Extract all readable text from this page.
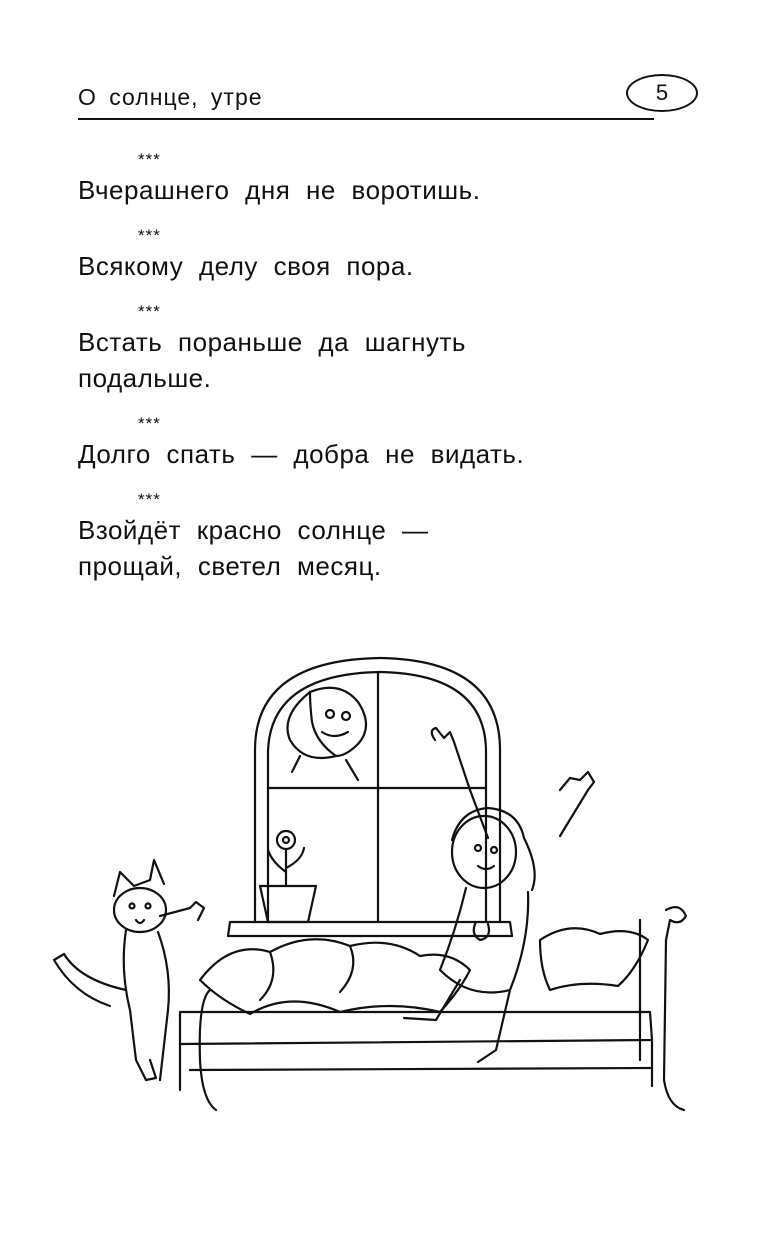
О солнце, утре	5
***
Вчерашнего дня не воротишь.
***
Всякому делу своя пора.
***
Встать пораньше да шагнуть
подальше.
***
Долго спать — добра не видать.
***
Взойдёт красно солнце —
прощай, светел месяц.
